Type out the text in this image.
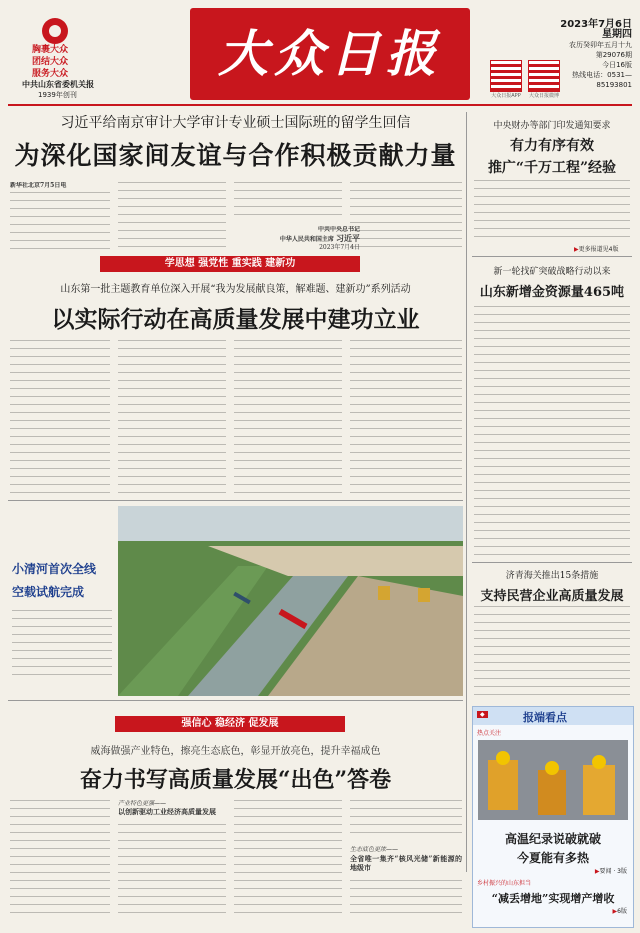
胸裹大众
团结大众
服务大众
中共山东省委机关报
1939年创刊
大众日报
大众日报APP 大众日报微博
2023年7月6日
星期四
农历癸卯年五月十九
第29076期
今日16版
热线电话：0531—85193801
习近平给南京审计大学审计专业硕士国际班的留学生回信
为深化国家间友谊与合作积极贡献力量
新华社北京7月5日电
中共中央总书记
中华人民共和国主席 习近平
2023年7月4日
学思想 强党性 重实践 建新功
山东第一批主题教育单位深入开展“我为发展献良策，解难题、建新功”系列活动
以实际行动在高质量发展中建功立业
小清河首次全线
空载试航完成
强信心 稳经济 促发展
威海做强产业特色，擦亮生态底色，彰显开放亮色，提升幸福成色
奋力书写高质量发展“出色”答卷
产业特色更强——
以创新驱动工业经济高质量发展
生态底色更浓——
全省唯一集齐“核风光储”新能源的地级市
中央财办等部门印发通知要求
有力有序有效
推广“千万工程”经验
▶更多报道见4版
新一轮找矿突破战略行动以来
山东新增金资源量465吨
济青海关推出15条措施
支持民营企业高质量发展
◆	报端看点
热点关注
高温纪录说破就破
今夏能有多热
▶要闻 · 3版
乡村振兴的山东担当
“减丢增地”实现增产增收
▶6版
